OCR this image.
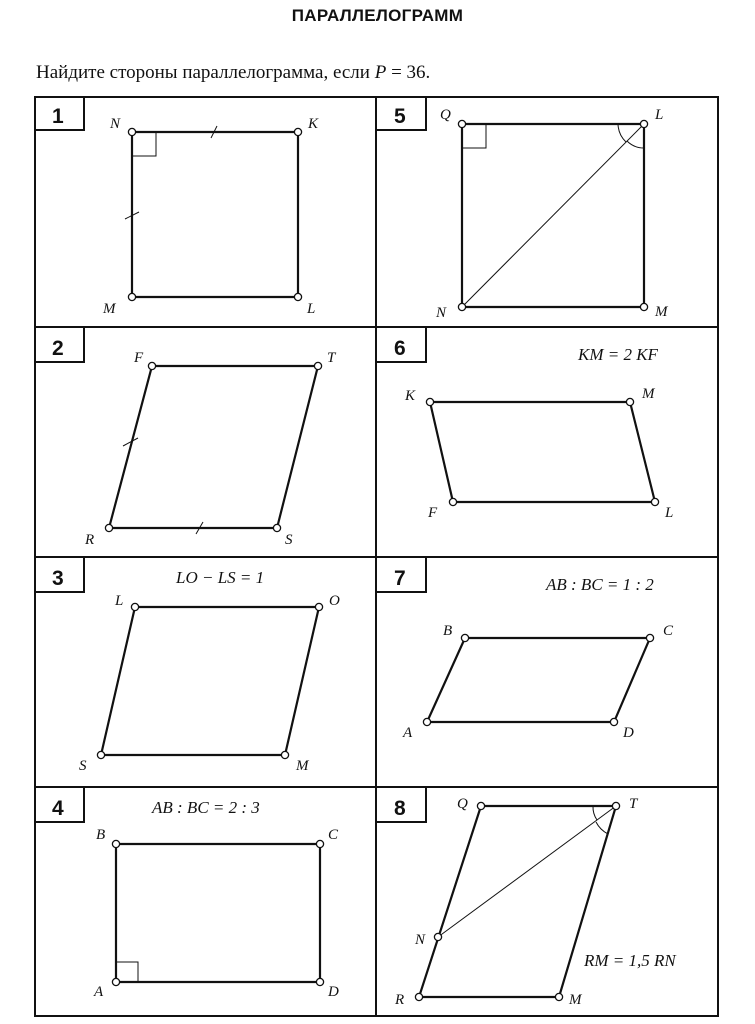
ПАРАЛЛЕЛОГРАММ
Найдите стороны параллелограмма, если P = 36.
1
2
3
4
5
6
7
8
N	K
L
M
F	T
S
R
LO − LS = 1
L	O
M
S
AB : BC = 2 : 3
B	C
D
A
Q	L
M
N
KM = 2 KF
K	M
L
F
AB : BC = 1 : 2
B	C
D
A
Q	T
M
R
N
RM = 1,5 RN
